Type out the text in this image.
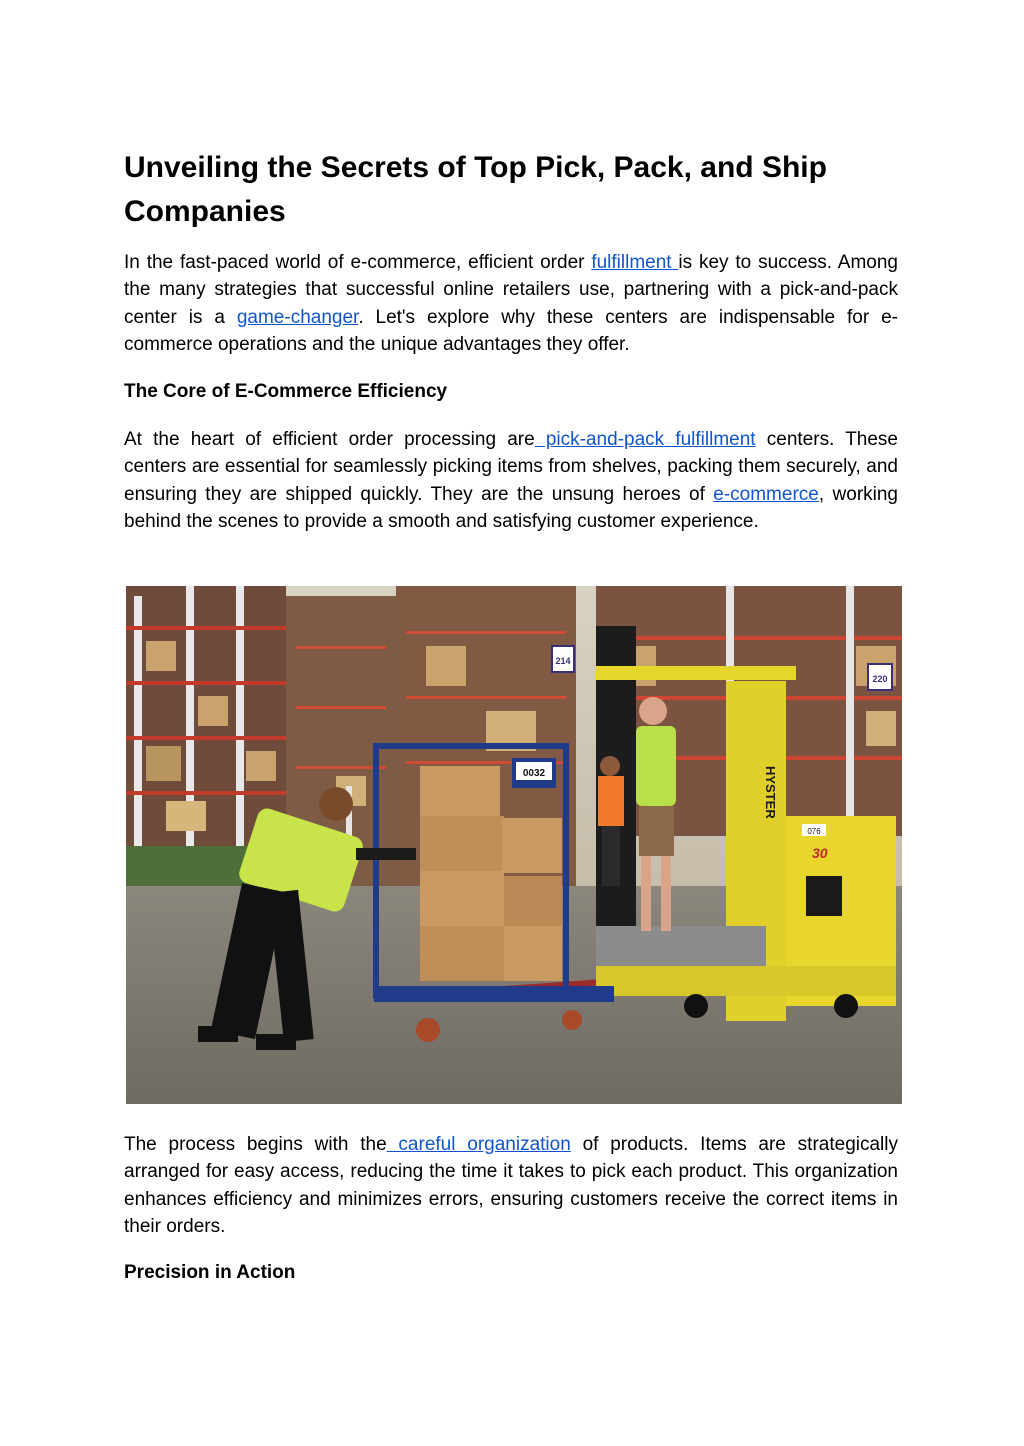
Unveiling the Secrets of Top Pick, Pack, and Ship Companies

In the fast-paced world of e-commerce, efficient order fulfillment is key to success. Among the many strategies that successful online retailers use, partnering with a pick-and-pack center is a game-changer. Let's explore why these centers are indispensable for e-commerce operations and the unique advantages they offer.

The Core of E-Commerce Efficiency

At the heart of efficient order processing are pick-and-pack fulfillment centers. These centers are essential for seamlessly picking items from shelves, packing them securely, and ensuring they are shipped quickly. They are the unsung heroes of e-commerce, working behind the scenes to provide a smooth and satisfying customer experience.

214
220
HYSTER
30
076
0032

The process begins with the careful organization of products. Items are strategically arranged for easy access, reducing the time it takes to pick each product. This organization enhances efficiency and minimizes errors, ensuring customers receive the correct items in their orders.

Precision in Action
